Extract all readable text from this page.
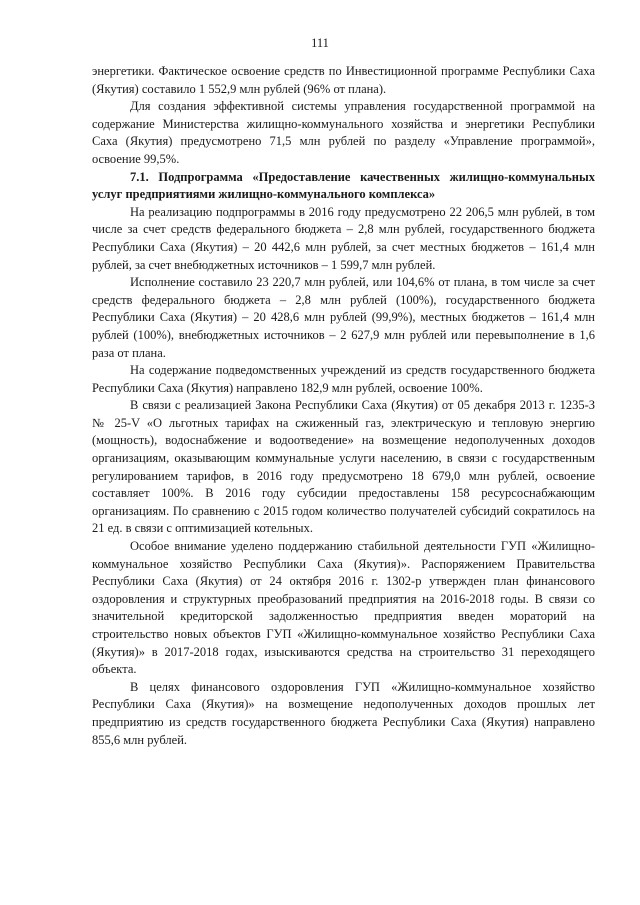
111

энергетики. Фактическое освоение средств по Инвестиционной программе Республики Саха (Якутия) составило 1 552,9 млн рублей (96% от плана).

Для создания эффективной системы управления государственной программой на содержание Министерства жилищно-коммунального хозяйства и энергетики Республики Саха (Якутия) предусмотрено 71,5 млн рублей по разделу «Управление программой», освоение 99,5%.

7.1. Подпрограмма «Предоставление качественных жилищно-коммунальных услуг предприятиями жилищно-коммунального комплекса»

На реализацию подпрограммы в 2016 году предусмотрено 22 206,5 млн рублей, в том числе за счет средств федерального бюджета – 2,8 млн рублей, государственного бюджета Республики Саха (Якутия) – 20 442,6 млн рублей, за счет местных бюджетов – 161,4 млн рублей, за счет внебюджетных источников – 1 599,7 млн рублей.

Исполнение составило 23 220,7 млн рублей, или 104,6% от плана, в том числе за счет средств федерального бюджета – 2,8 млн рублей (100%), государственного бюджета Республики Саха (Якутия) – 20 428,6 млн рублей (99,9%), местных бюджетов – 161,4 млн рублей (100%), внебюджетных источников – 2 627,9 млн рублей или перевыполнение в 1,6 раза от плана.

На содержание подведомственных учреждений из средств государственного бюджета Республики Саха (Якутия) направлено 182,9 млн рублей, освоение 100%.

В связи с реализацией Закона Республики Саха (Якутия) от 05 декабря 2013 г. 1235-З № 25-V «О льготных тарифах на сжиженный газ, электрическую и тепловую энергию (мощность), водоснабжение и водоотведение» на возмещение недополученных доходов организациям, оказывающим коммунальные услуги населению, в связи с государственным регулированием тарифов, в 2016 году предусмотрено 18 679,0 млн рублей, освоение составляет 100%. В 2016 году субсидии предоставлены 158 ресурсоснабжающим организациям. По сравнению с 2015 годом количество получателей субсидий сократилось на 21 ед. в связи с оптимизацией котельных.

Особое внимание уделено поддержанию стабильной деятельности ГУП «Жилищно-коммунальное хозяйство Республики Саха (Якутия)». Распоряжением Правительства Республики Саха (Якутия) от 24 октября 2016 г. 1302-р утвержден план финансового оздоровления и структурных преобразований предприятия на 2016-2018 годы. В связи со значительной кредиторской задолженностью предприятия введен мораторий на строительство новых объектов ГУП «Жилищно-коммунальное хозяйство Республики Саха (Якутия)» в 2017-2018 годах, изыскиваются средства на строительство 31 переходящего объекта.

В целях финансового оздоровления ГУП «Жилищно-коммунальное хозяйство Республики Саха (Якутия)» на возмещение недополученных доходов прошлых лет предприятию из средств государственного бюджета Республики Саха (Якутия) направлено 855,6 млн рублей.
